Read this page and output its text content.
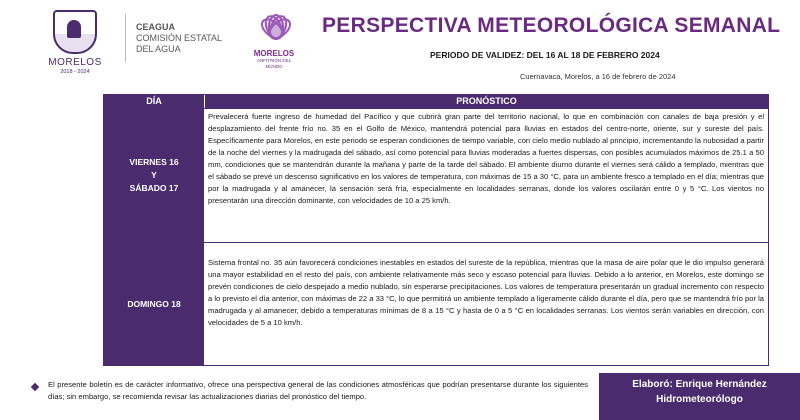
MORELOS
2018 - 2024
CEAGUA
COMISIÓN ESTATAL
DEL AGUA	MORELOS
ANFITRIÓN DEL MUNDO
PERSPECTIVA METEOROLÓGICA SEMANAL
PERIODO DE VALIDEZ: DEL 16 AL 18 DE FEBRERO 2024
Cuernavaca, Morelos, a 16 de febrero de 2024
DÍA	PRONÓSTICO
VIERNES 16
Y
SÁBADO 17
Prevalecerá fuerte ingreso de humedad del Pacífico y que cubrirá gran parte del territorio nacional, lo que en combinación con canales de baja presión y el desplazamiento del frente frío no. 35 en el Golfo de México, mantendrá potencial para lluvias en estados del centro-norte, oriente, sur y sureste del país. Específicamente para Morelos, en este periodo se esperan condiciones de tiempo variable, con cielo medio nublado al principio, incrementando la nubosidad a partir de la noche del viernes y la madrugada del sábado, así como potencial para lluvias moderadas a fuertes dispersas, con posibles acumulados máximos de 25.1 a 50 mm, condiciones que se mantendrán durante la mañana y parte de la tarde del sábado. El ambiente diurno durante el viernes será cálido a templado, mientras que el sábado se prevé un descenso significativo en los valores de temperatura, con máximas de 15 a 30 °C, para un ambiente fresco a templado en el día; mientras que por la madrugada y al amanecer, la sensación será fría, especialmente en localidades serranas, donde los valores oscilarán entre 0 y 5 °C. Los vientos no presentarán una dirección dominante, con velocidades de 10 a 25 km/h.
DOMINGO 18
Sistema frontal no. 35 aún favorecerá condiciones inestables en estados del sureste de la república, mientras que la masa de aire polar que le dio impulso generará una mayor estabilidad en el resto del país, con ambiente relativamente más seco y escaso potencial para lluvias. Debido a lo anterior, en Morelos, este domingo se prevén condiciones de cielo despejado a medio nublado, sin esperarse precipitaciones. Los valores de temperatura presentarán un gradual incremento con respecto a lo previsto el día anterior, con máximas de 22 a 33 °C, lo que permitirá un ambiente templado a ligeramente cálido durante el día, pero que se mantendrá frío por la madrugada y al amanecer, debido a temperaturas mínimas de 8 a 15 °C y hasta de 0 a 5 °C en localidades serranas. Los vientos serán variables en dirección, con velocidades de 5 a 10 km/h.
El presente boletín es de carácter informativo, ofrece una perspectiva general de las condiciones atmosféricas que podrían presentarse durante los siguientes días; sin embargo, se recomienda revisar las actualizaciones diarias del pronóstico del tiempo.
Elaboró: Enrique Hernández
Hidrometeorólogo
